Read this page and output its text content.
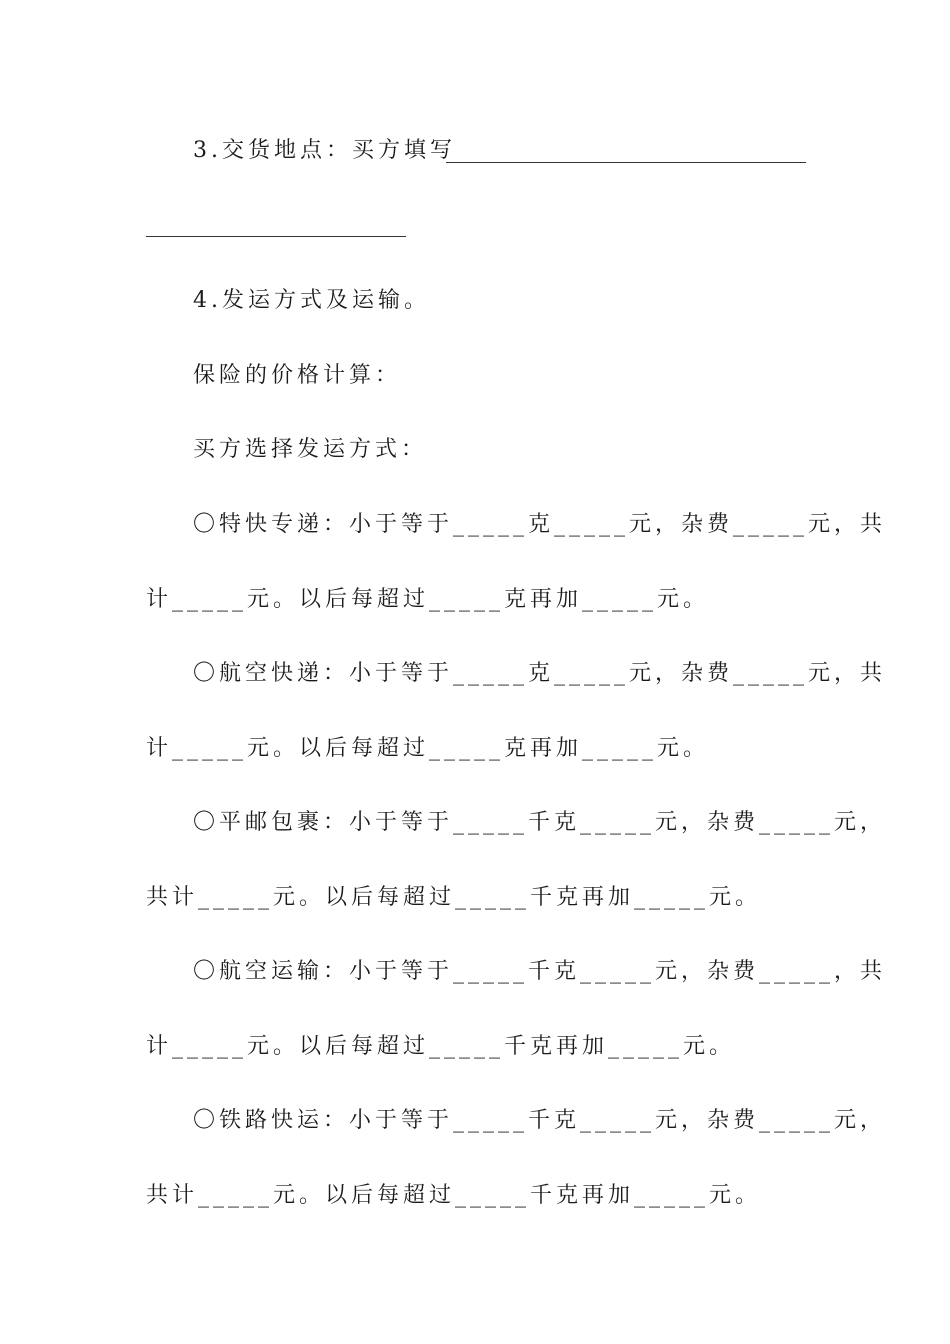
3.交货地点：买方填写
4.发运方式及运输。
保险的价格计算：
买方选择发运方式：
〇特快专递：小于等于_____克_____元，杂费_____元，共
计_____元。以后每超过_____克再加_____元。
〇航空快递：小于等于_____克_____元，杂费_____元，共
计_____元。以后每超过_____克再加_____元。
〇平邮包裹：小于等于_____千克_____元，杂费_____元，
共计_____元。以后每超过_____千克再加_____元。
〇航空运输：小于等于_____千克_____元，杂费_____，共
计_____元。以后每超过_____千克再加_____元。
〇铁路快运：小于等于_____千克_____元，杂费_____元，
共计_____元。以后每超过_____千克再加_____元。
